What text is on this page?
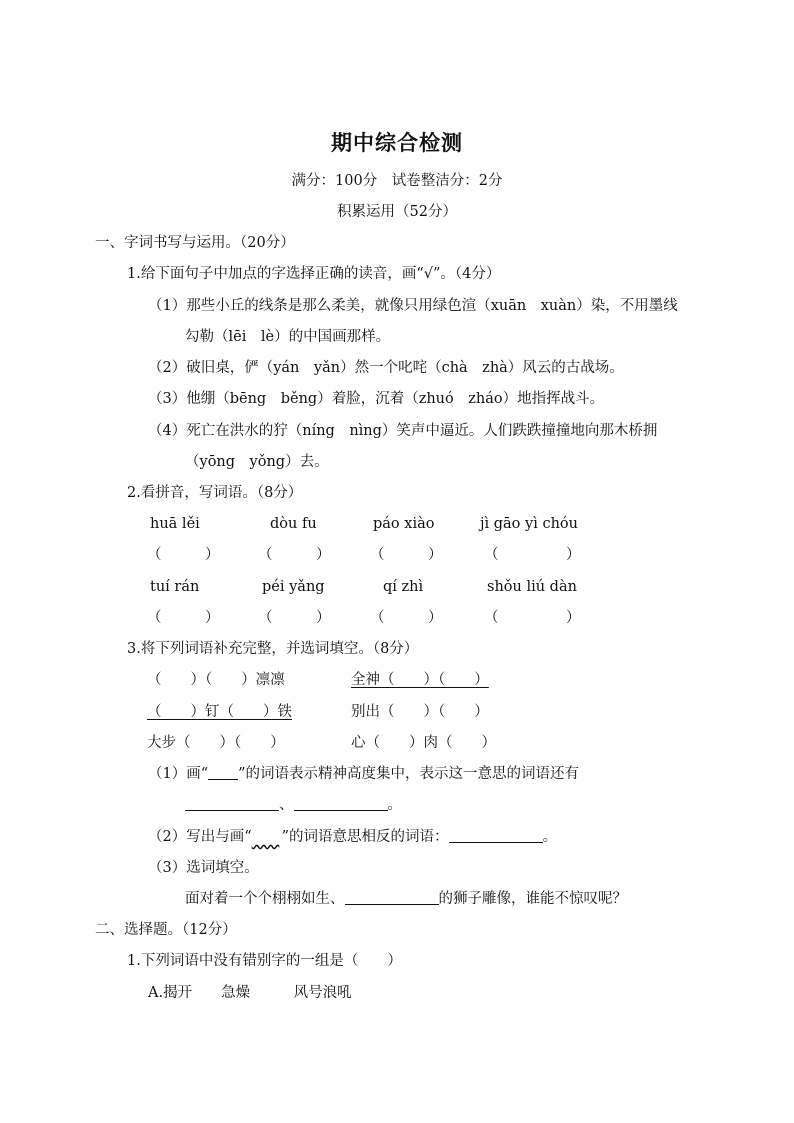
期中综合检测
满分：100分　试卷整洁分：2分
积累运用（52分）
一、字词书写与运用。（20分）
1.给下面句子中加点的字选择正确的读音，画“√”。（4分）
（1）那些小丘的线条是那么柔美，就像只用绿色渲（xuān　xuàn）染，不用墨线
勾勒（lēi　lè）的中国画那样。
（2）破旧桌，俨（yán　yǎn）然一个叱咤（chà　zhà）风云的古战场。
（3）他绷（bēng　běng）着脸，沉着（zhuó　zháo）地指挥战斗。
（4）死亡在洪水的狞（níng　nìng）笑声中逼近。人们跌跌撞撞地向那木桥拥
（yōng　yǒng）去。
2.看拼音，写词语。（8分）
huā lěi	dòu fu	páo xiào	jì gāo yì chóu
（　　　）	（　　　）	（　　　）	（　　　）
tuí rán	péi yǎng	qí zhì	shǒu liú dàn
（　　　）	（　　　）	（　　　）	（　　　）
3.将下列词语补充完整，并选词填空。（8分）
（　　）（　　）凛凛	全神（　　）（　　）
（　　）钉（　　）铁	别出（　　）（　　）
大步（　　）（　　）	心（　　）肉（　　）
（1）画“ ”的词语表示精神高度集中，表示这一意思的词语还有
、	。
（2）写出与画“ ”的词语意思相反的词语：	。
（3）选词填空。
面对着一个个栩栩如生、	的狮子雕像，谁能不惊叹呢？
二、选择题。（12分）
1.下列词语中没有错别字的一组是（　　）
A.揭开　　急燥　　　风号浪吼
